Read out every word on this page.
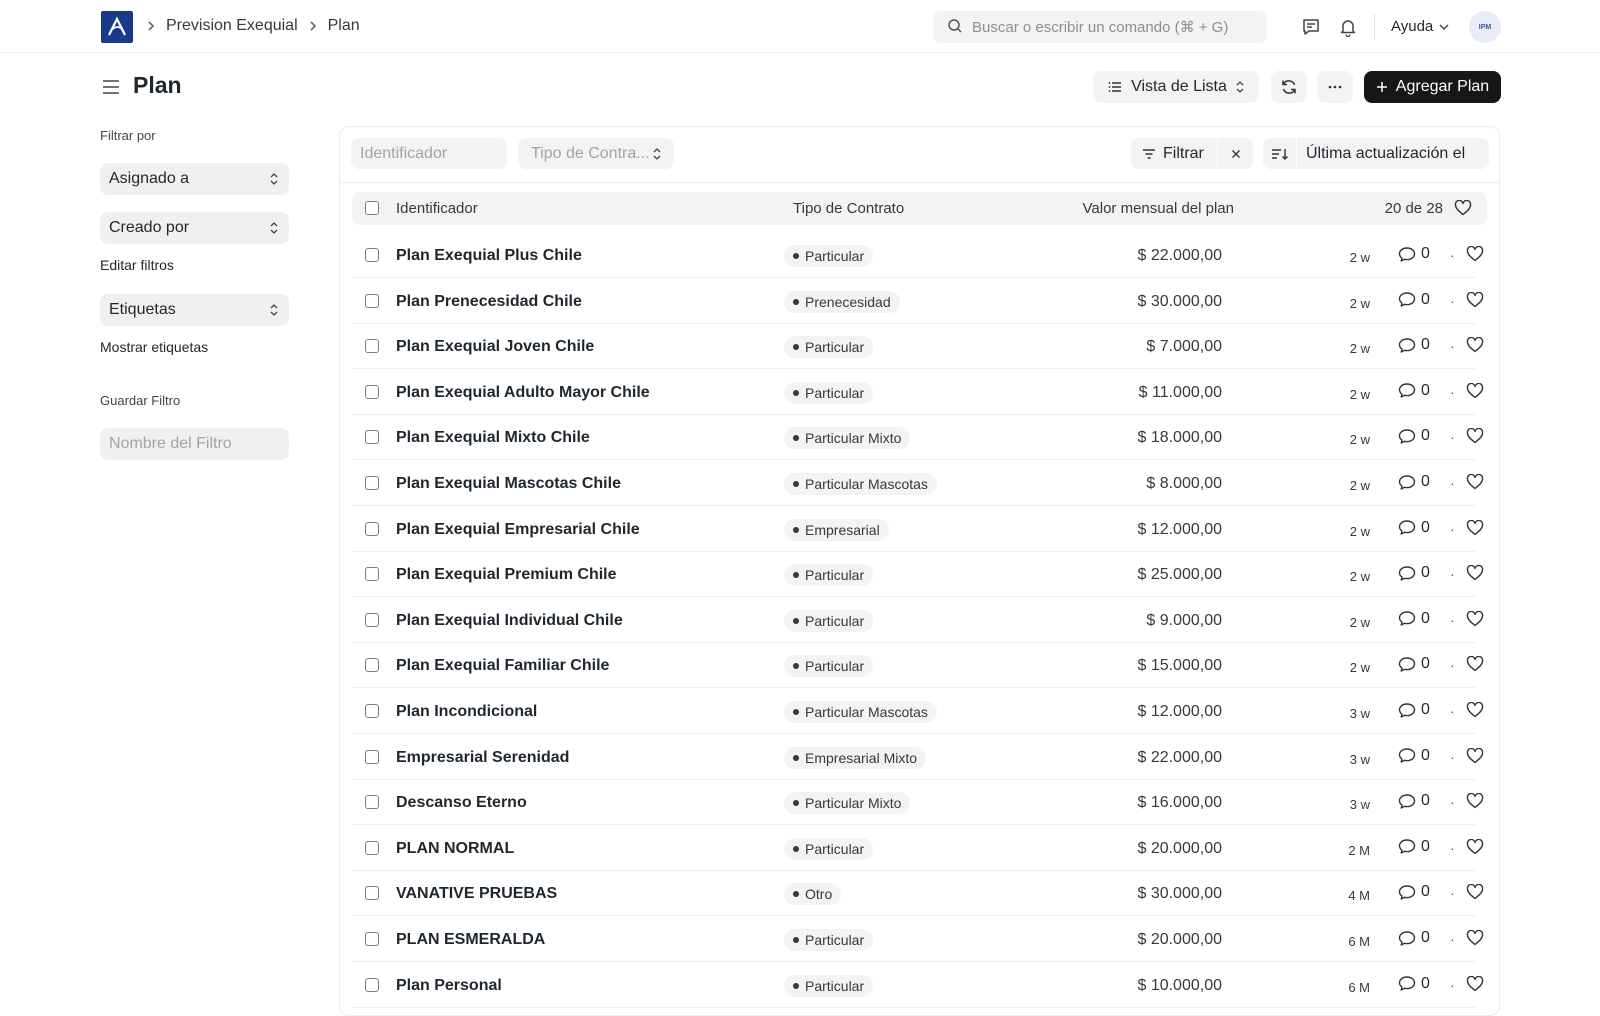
Prevision Exequial Plan
Buscar o escribir un comando (⌘ + G)	Ayuda	IPM
Plan	Vista de Lista	Agregar Plan
Filtrar por
Asignado a
Creado por
Editar filtros
Etiquetas
Mostrar etiquetas
Guardar Filtro
Nombre del Filtro
Identificador
Tipo de Contra...	Filtrar	Última actualización el
Identificador	Tipo de Contrato	Valor mensual del plan	20 de 28
Plan Exequial Plus Chile	Particular	$ 22.000,00	2 w	0 ·
Plan Prenecesidad Chile	Prenecesidad	$ 30.000,00	2 w	0 ·
Plan Exequial Joven Chile	Particular	$ 7.000,00	2 w	0 ·
Plan Exequial Adulto Mayor Chile	Particular	$ 11.000,00	2 w	0 ·
Plan Exequial Mixto Chile	Particular Mixto	$ 18.000,00	2 w	0 ·
Plan Exequial Mascotas Chile	Particular Mascotas	$ 8.000,00	2 w	0 ·
Plan Exequial Empresarial Chile	Empresarial	$ 12.000,00	2 w	0 ·
Plan Exequial Premium Chile	Particular	$ 25.000,00	2 w	0 ·
Plan Exequial Individual Chile	Particular	$ 9.000,00	2 w	0 ·
Plan Exequial Familiar Chile	Particular	$ 15.000,00	2 w	0 ·
Plan Incondicional	Particular Mascotas	$ 12.000,00	3 w	0 ·
Empresarial Serenidad	Empresarial Mixto	$ 22.000,00	3 w	0 ·
Descanso Eterno	Particular Mixto	$ 16.000,00	3 w	0 ·
PLAN NORMAL	Particular	$ 20.000,00	2 M	0 ·
VANATIVE PRUEBAS	Otro	$ 30.000,00	4 M	0 ·
PLAN ESMERALDA	Particular	$ 20.000,00	6 M	0 ·
Plan Personal	Particular	$ 10.000,00	6 M	0 ·
